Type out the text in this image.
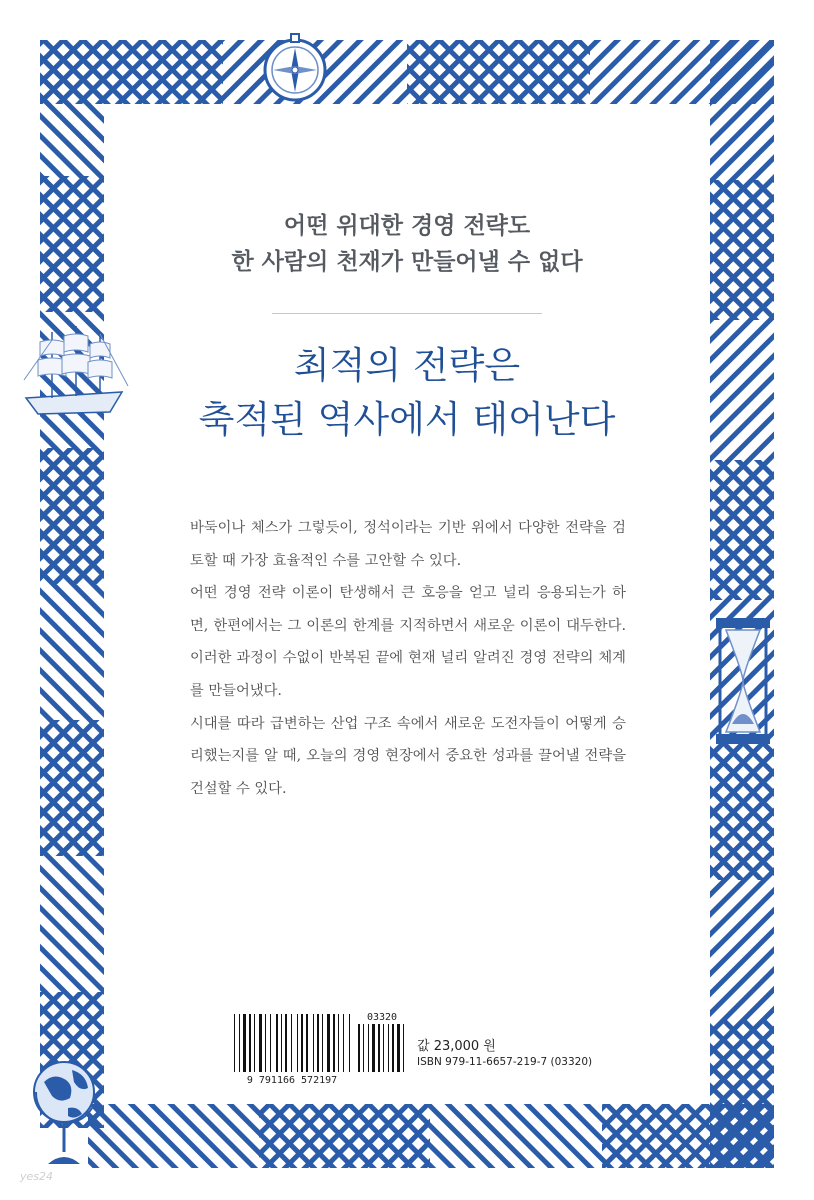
어떤 위대한 경영 전략도
한 사람의 천재가 만들어낼 수 없다
최적의 전략은
축적된 역사에서 태어난다

바둑이나 체스가 그렇듯이, 정석이라는 기반 위에서 다양한 전략을 검토할 때 가장 효율적인 수를 고안할 수 있다.

어떤 경영 전략 이론이 탄생해서 큰 호응을 얻고 널리 응용되는가 하면, 한편에서는 그 이론의 한계를 지적하면서 새로운 이론이 대두한다. 이러한 과정이 수없이 반복된 끝에 현재 널리 알려진 경영 전략의 체계를 만들어냈다.

시대를 따라 급변하는 산업 구조 속에서 새로운 도전자들이 어떻게 승리했는지를 알 때, 오늘의 경영 현장에서 중요한 성과를 끌어낼 전략을 건설할 수 있다.

9 791166 572197
03320
값 23,000 원
ISBN 979-11-6657-219-7 (03320)
yes24
